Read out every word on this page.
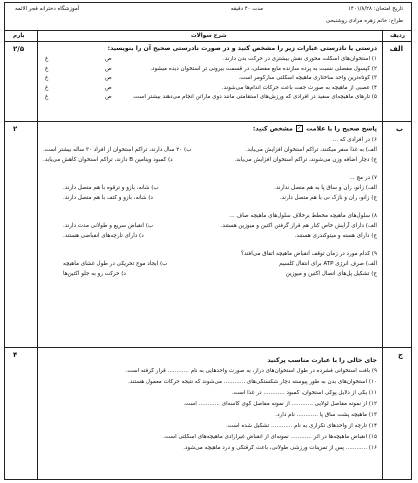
تاریخ امتحان: ۱۴۰۱/۸/۲۸
مدت ۴۰ دقیقه
آموزشگاه دخترانه فجر الائمه
طراح: خانم زهره مرادی روشنبحی
ردیف
شرح سوالات
بارم
الف
۲/۵	درستی یا نادرستی عبارات زیر را مشخص کنید و در صورت نادرستی صحیح آن را بنویسید:
۱) استخوان‌های اسکلت محوری نقش بیشتری در حرکت بدن دارند.
ص
غ
۲) کپسول مفصلی نسبت به پرده سازنده مایع مفصلی، در قسمت بیرونی تر استخوان دیده میشود.
ص
غ
۳) کوتاه‌ترین واحد ساختاری ماهیچه اسکلتی سارکومر است.
ص
غ
۴) عصبی از ماهیچه به صورت جفت باعث حرکات اندام‌ها می‌شوند.
ص
غ
۵) تارهای ماهیچه‌ای سفید در افرادی که ورزش‌های استقامتی مانند دوی ماراتن انجام می‌دهند بیشتر است.
ص
غ
ب
۲	پاسخ صحیح را با علامت ✓ مشخص کنید:
۶) در افرادی که ...
الف) به غذا سفر میکنند، تراکم استخوان افزایش می‌یابد.
ب) ۲۰ سال دارند، تراکم استخوان از افراد ۳۰ ساله بیشتر است.
ج) دچار اضافه وزن می‌شوند، تراکم استخوان افزایش می‌یابد.
د) کمبود ویتامین B دارند، تراکم استخوان کاهش می‌یابد.
۷) در مچ ...
الف) زانو، ران و ساق پا به هم متصل ندارند.
ب) شانه، بازو و ترقوه با هم متصل دارند.
ج) زانو، ران و نازک نی با هم متصل دارند.
د) شانه، بازو و کتف با هم متصل دارند.
۸) سلول‌های ماهیچه مخطط برخلاف سلول‌های ماهیچه صاف ...
الف) دارای آرایش خاص کنار هم قرار گرفتن اکتین و میوزین هستند.
ب) انقباض سریع و طولانی مدت دارند.
ج) دارای هسته و میتوکندری هستند.
د) دارای تارچه‌های انقباضی هستند.
۹) کدام مورد در زمان توقف انقباض ماهیچه اتفاق می‌افتد؟
الف) صرف انرژی ATP برای انتقال کلسیم
ب) ایجاد موج تحریکی در طول غشای ماهیچه
ج) تشکیل پل‌های اتصال اکتین و میوزین
د) حرکت رو به جلو اکتین‌ها
ج
۴
جای خالی را با عبارت مناسب پرکنید
۹) بافت استخوانی فشرده در طول استخوان‌های دراز، به صورت واحدهایی به نام ............ قرار گرفته است.
۱۰) استخوان‌های بدن به طور پیوسته دچار شکستگی‌های ............ می‌شوند که نتیجه حرکات معمول هستند.
۱۱) یکی از دلایل پوکی استخوان، کمبود ............ در غذا است.
۱۲) از نمونه مفاصل لولایی ............ از نمونه مفاصل گوی کاسه‌ای ............ است.
۱۳) ماهیچه پشت ساق پا ............ نام دارد.
۱۴) تارچه از واحدهای تکراری به نام ............ تشکیل شده است.
۱۵) انقباض ماهیچه‌ها در اثر ............ نمونه‌ای از انقباض غیرارادی ماهیچه‌های اسکلتی است.
۱۶) ............ پس از تمرینات ورزشی طولانی، باعث گرفتگی و درد ماهیچه می‌شود.
